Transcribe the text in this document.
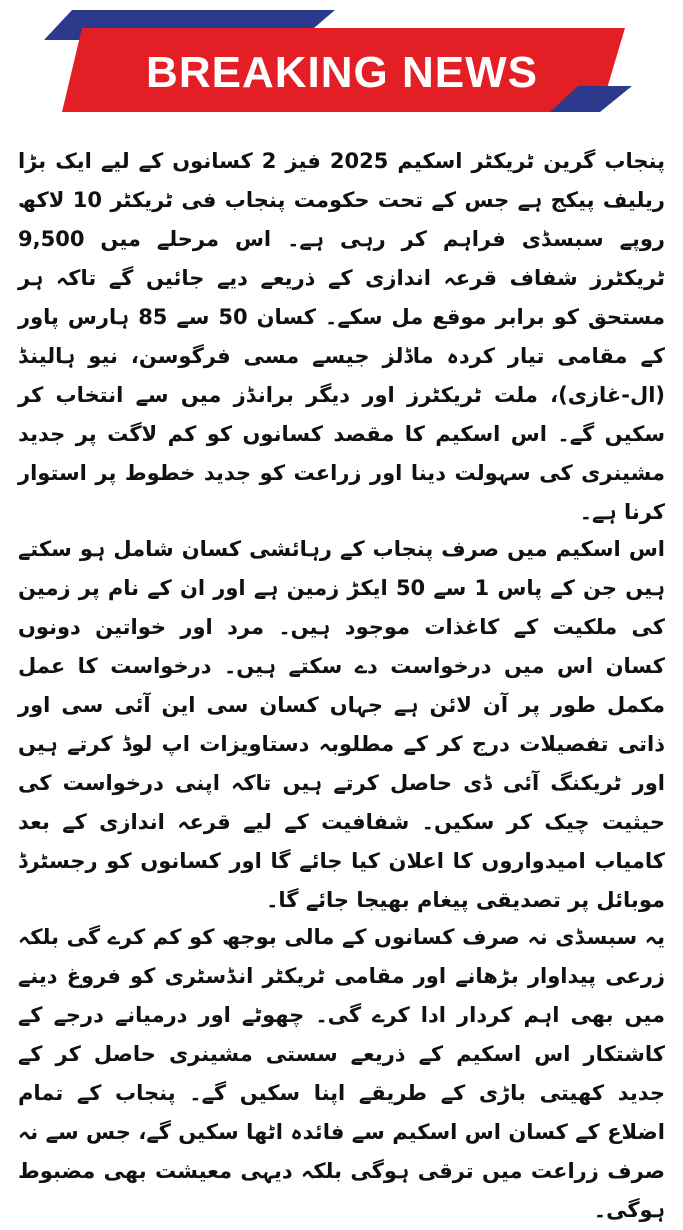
BREAKING NEWS

پنجاب گرین ٹریکٹر اسکیم 2025 فیز 2 کسانوں کے لیے ایک بڑا ریلیف پیکج ہے جس کے تحت حکومت پنجاب فی ٹریکٹر 10 لاکھ روپے سبسڈی فراہم کر رہی ہے۔ اس مرحلے میں 9,500 ٹریکٹرز شفاف قرعہ اندازی کے ذریعے دیے جائیں گے تاکہ ہر مستحق کو برابر موقع مل سکے۔ کسان 50 سے 85 ہارس پاور کے مقامی تیار کردہ ماڈلز جیسے مسی فرگوسن، نیو ہالینڈ (ال-غازی)، ملت ٹریکٹرز اور دیگر برانڈز میں سے انتخاب کر سکیں گے۔ اس اسکیم کا مقصد کسانوں کو کم لاگت پر جدید مشینری کی سہولت دینا اور زراعت کو جدید خطوط پر استوار کرنا ہے۔

اس اسکیم میں صرف پنجاب کے رہائشی کسان شامل ہو سکتے ہیں جن کے پاس 1 سے 50 ایکڑ زمین ہے اور ان کے نام پر زمین کی ملکیت کے کاغذات موجود ہیں۔ مرد اور خواتین دونوں کسان اس میں درخواست دے سکتے ہیں۔ درخواست کا عمل مکمل طور پر آن لائن ہے جہاں کسان سی این آئی سی اور ذاتی تفصیلات درج کر کے مطلوبہ دستاویزات اپ لوڈ کرتے ہیں اور ٹریکنگ آئی ڈی حاصل کرتے ہیں تاکہ اپنی درخواست کی حیثیت چیک کر سکیں۔ شفافیت کے لیے قرعہ اندازی کے بعد کامیاب امیدواروں کا اعلان کیا جائے گا اور کسانوں کو رجسٹرڈ موبائل پر تصدیقی پیغام بھیجا جائے گا۔

یہ سبسڈی نہ صرف کسانوں کے مالی بوجھ کو کم کرے گی بلکہ زرعی پیداوار بڑھانے اور مقامی ٹریکٹر انڈسٹری کو فروغ دینے میں بھی اہم کردار ادا کرے گی۔ چھوٹے اور درمیانے درجے کے کاشتکار اس اسکیم کے ذریعے سستی مشینری حاصل کر کے جدید کھیتی باڑی کے طریقے اپنا سکیں گے۔ پنجاب کے تمام اضلاع کے کسان اس اسکیم سے فائدہ اٹھا سکیں گے، جس سے نہ صرف زراعت میں ترقی ہوگی بلکہ دیہی معیشت بھی مضبوط ہوگی۔
